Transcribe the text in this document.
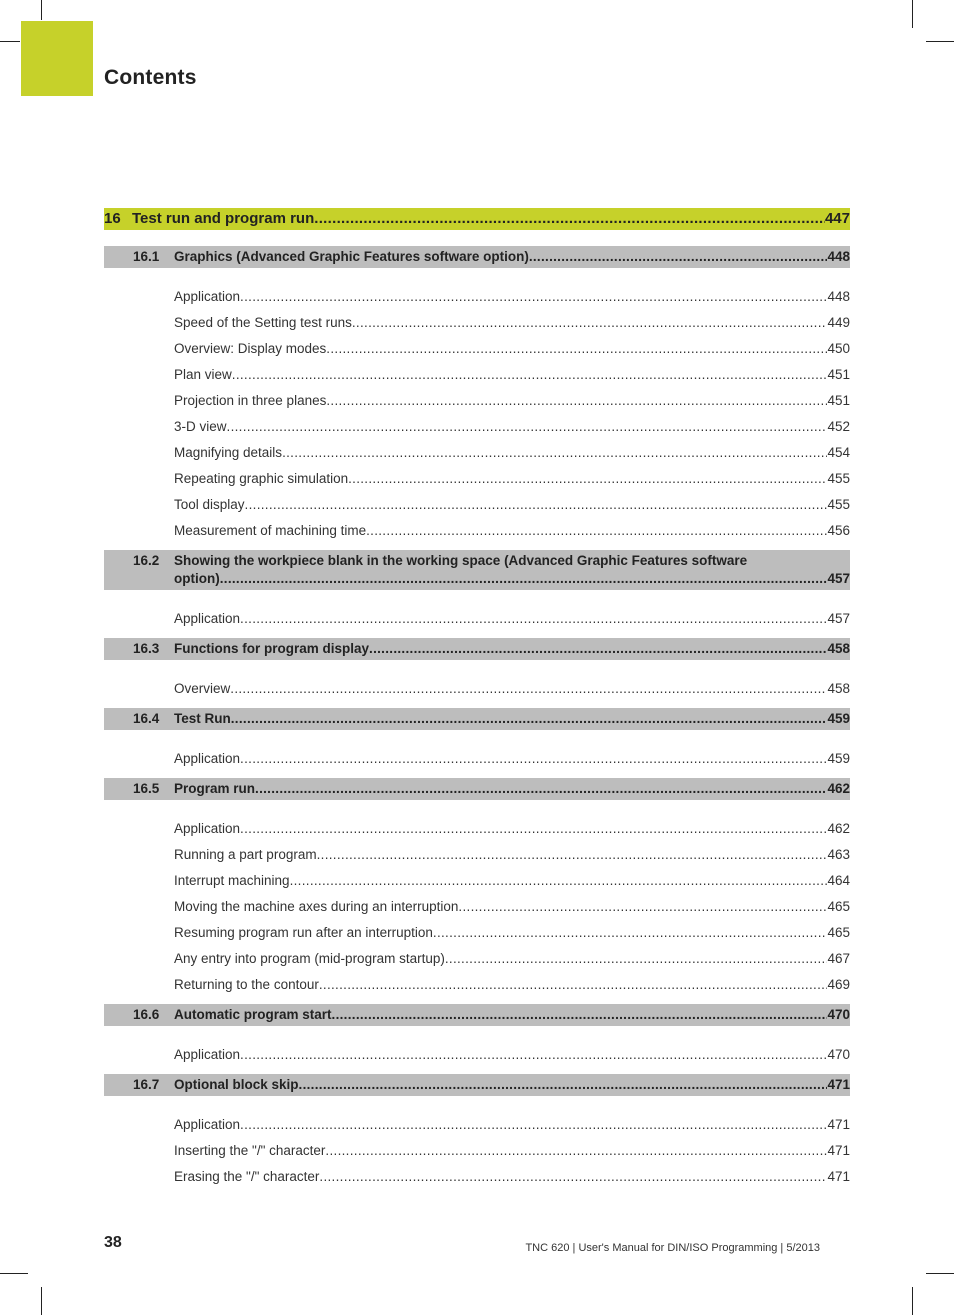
Contents
16 Test run and program run .....	447
16.1	Graphics (Advanced Graphic Features software option) .....	448
Application .....	448
Speed of the Setting test runs .....	449
Overview: Display modes .....	450
Plan view .....	451
Projection in three planes .....	451
3-D view .....	452
Magnifying details .....	454
Repeating graphic simulation .....	455
Tool display .....	455
Measurement of machining time .....	456
16.2	Showing the workpiece blank in the working space (Advanced Graphic Features software
option) .....	457
Application .....	457
16.3	Functions for program display .....	458
Overview .....	458
16.4	Test Run .....	459
Application .....	459
16.5	Program run .....	462
Application .....	462
Running a part program .....	463
Interrupt machining .....	464
Moving the machine axes during an interruption .....	465
Resuming program run after an interruption .....	465
Any entry into program (mid-program startup) .....	467
Returning to the contour .....	469
16.6	Automatic program start .....	470
Application .....	470
16.7	Optional block skip .....	471
Application .....	471
Inserting the "/" character .....	471
Erasing the "/" character .....	471
38	TNC 620 | User's Manual for DIN/ISO Programming | 5/2013
